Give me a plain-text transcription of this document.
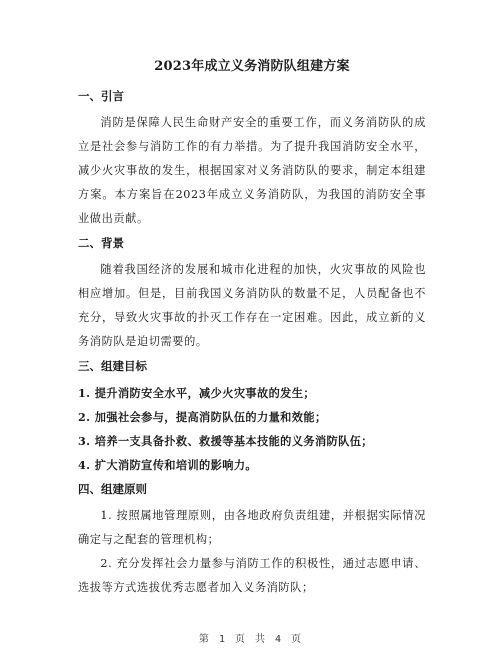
2023年成立义务消防队组建方案
一、引言

消防是保障人民生命财产安全的重要工作，而义务消防队的成立是社会参与消防工作的有力举措。为了提升我国消防安全水平，减少火灾事故的发生，根据国家对义务消防队的要求，制定本组建方案。本方案旨在2023年成立义务消防队，为我国的消防安全事业做出贡献。

二、背景

随着我国经济的发展和城市化进程的加快，火灾事故的风险也相应增加。但是，目前我国义务消防队的数量不足，人员配备也不充分，导致火灾事故的扑灭工作存在一定困难。因此，成立新的义务消防队是迫切需要的。

三、组建目标

1. 提升消防安全水平，减少火灾事故的发生；

2. 加强社会参与，提高消防队伍的力量和效能；

3. 培养一支具备扑救、救援等基本技能的义务消防队伍；

4. 扩大消防宣传和培训的影响力。

四、组建原则

1. 按照属地管理原则，由各地政府负责组建，并根据实际情况确定与之配套的管理机构；

2. 充分发挥社会力量参与消防工作的积极性，通过志愿申请、选拔等方式选拔优秀志愿者加入义务消防队；

第 1 页 共 4 页
